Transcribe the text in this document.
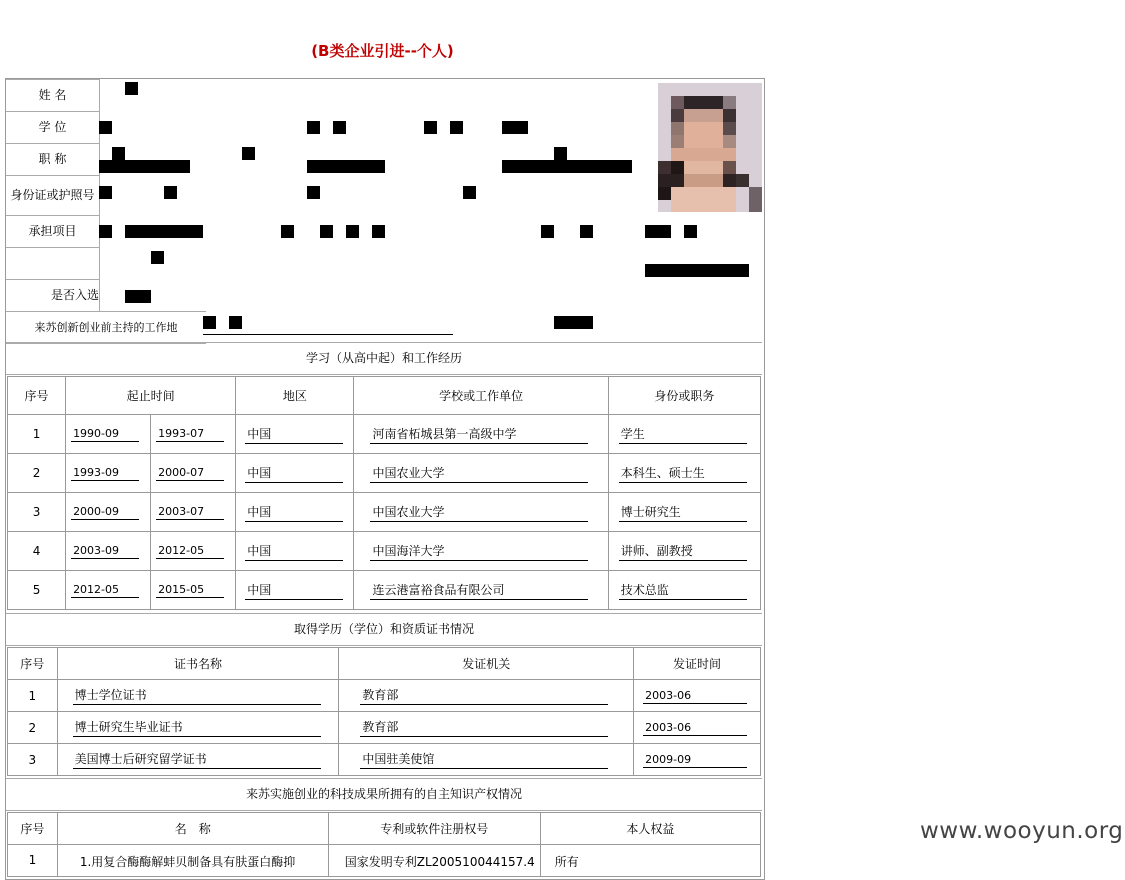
(B类企业引进--个人)
姓 名
学 位
职 称
身份证或护照号
承担项目
是否入选
来苏创新创业前主持的工作地
学习（从高中起）和工作经历
序号	起止时间		地区	学校或工作单位	身份或职务
1	1990-09	1993-07	中国	河南省柘城县第一高级中学	学生
2	1993-09	2000-07	中国	中国农业大学	本科生、硕士生
3	2000-09	2003-07	中国	中国农业大学	博士研究生
4	2003-09	2012-05	中国	中国海洋大学	讲师、副教授
5	2012-05	2015-05	中国	连云港富裕食品有限公司	技术总监
取得学历（学位）和资质证书情况
序号	证书名称	发证机关	发证时间
1	博士学位证书	教育部	2003-06
2	博士研究生毕业证书	教育部	2003-06
3	美国博士后研究留学证书	中国驻美使馆	2009-09
来苏实施创业的科技成果所拥有的自主知识产权情况
序号	名　称	专利或软件注册权号	本人权益
1	1.用复合酶酶解蚌贝制备具有肤蛋白酶抑	国家发明专利ZL200510044157.4	所有
www.wooyun.org
